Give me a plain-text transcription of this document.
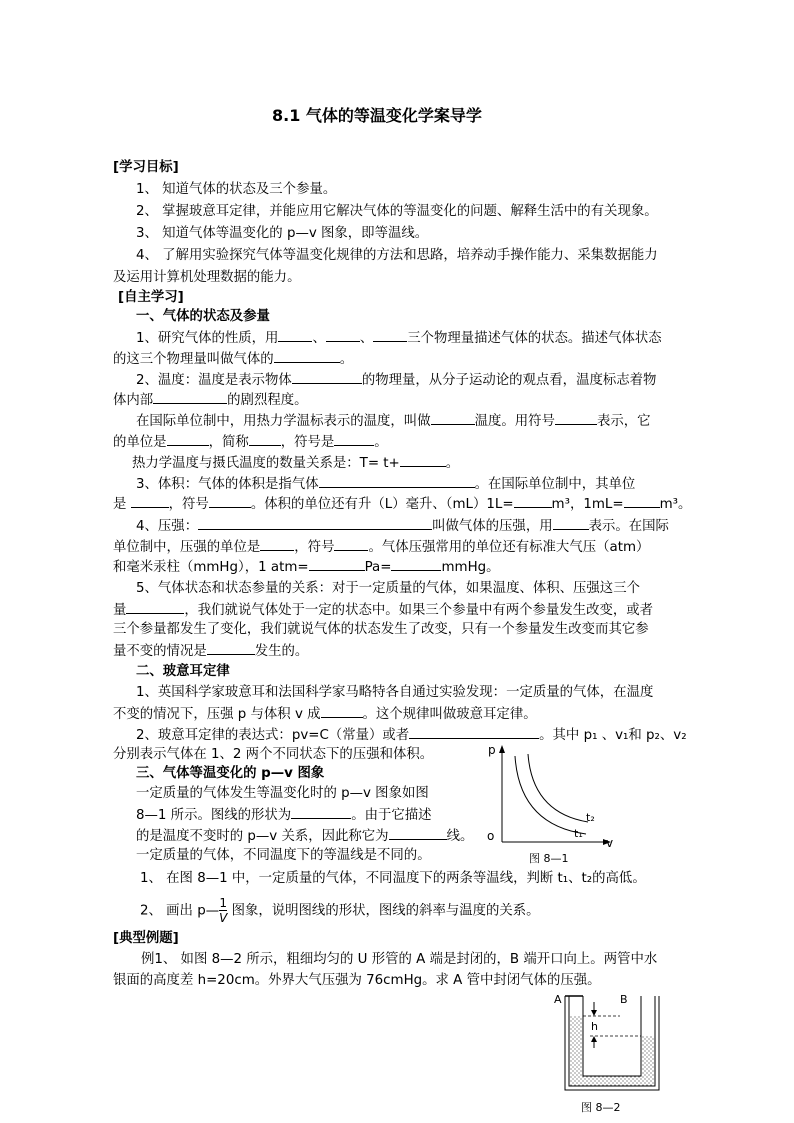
8.1 气体的等温变化学案导学
[学习目标]
1、 知道气体的状态及三个参量。
2、 掌握玻意耳定律，并能应用它解决气体的等温变化的问题、解释生活中的有关现象。
3、 知道气体等温变化的 p—v 图象，即等温线。
4、 了解用实验探究气体等温变化规律的方法和思路，培养动手操作能力、采集数据能力
及运用计算机处理数据的能力。
[自主学习]
一、气体的状态及参量
1、研究气体的性质，用	、	、	三个物理量描述气体的状态。描述气体状态
的这三个物理量叫做气体的	。
2、温度：温度是表示物体	的物理量，从分子运动论的观点看，温度标志着物
体内部	的剧烈程度。
在国际单位制中，用热力学温标表示的温度，叫做	温度。用符号	表示，它
的单位是	，简称 ，符号是	。
热力学温度与摄氏温度的数量关系是：T= t+	。
3、体积：气体的体积是指气体	。在国际单位制中，其单位
是	，符号	。体积的单位还有升（L）毫升、（mL）1L=	m³，1mL=	m³。
4、压强：	叫做气体的压强，用	表示。在国际
单位制中，压强的单位是	，符号	。气体压强常用的单位还有标准大气压（atm）
和毫米汞柱（mmHg），1 atm=	Pa=	mmHg。
5、气体状态和状态参量的关系：对于一定质量的气体，如果温度、体积、压强这三个
量	，我们就说气体处于一定的状态中。如果三个参量中有两个参量发生改变，或者
三个参量都发生了变化，我们就说气体的状态发生了改变，只有一个参量发生改变而其它参
量不变的情况是	发生的。
二、玻意耳定律
1、英国科学家玻意耳和法国科学家马略特各自通过实验发现：一定质量的气体，在温度
不变的情况下，压强 p 与体积 v 成	。这个规律叫做玻意耳定律。
2、玻意耳定律的表达式：pv=C（常量）或者	。其中 p₁ 、v₁和 p₂、v₂
分别表示气体在 1、2 两个不同状态下的压强和体积。
三、气体等温变化的 p—v 图象
一定质量的气体发生等温变化时的 p—v 图象如图
8—1 所示。图线的形状为	。由于它描述
的是温度不变时的 p—v 关系，因此称它为	线。
一定质量的气体，不同温度下的等温线是不同的。
1、 在图 8—1 中，一定质量的气体，不同温度下的两条等温线，判断 t₁、t₂的高低。
2、 画出 p— $\frac{1}{V}$ 图象，说明图线的形状，图线的斜率与温度的关系。
[典型例题]
例1、 如图 8—2 所示，粗细均匀的 U 形管的 A 端是封闭的，B 端开口向上。两管中水
银面的高度差 h=20cm。外界大气压强为 76cmHg。求 A 管中封闭气体的压强。
p
v
o
t₂
t₁
图 8—1
A	B
h
图 8—2
